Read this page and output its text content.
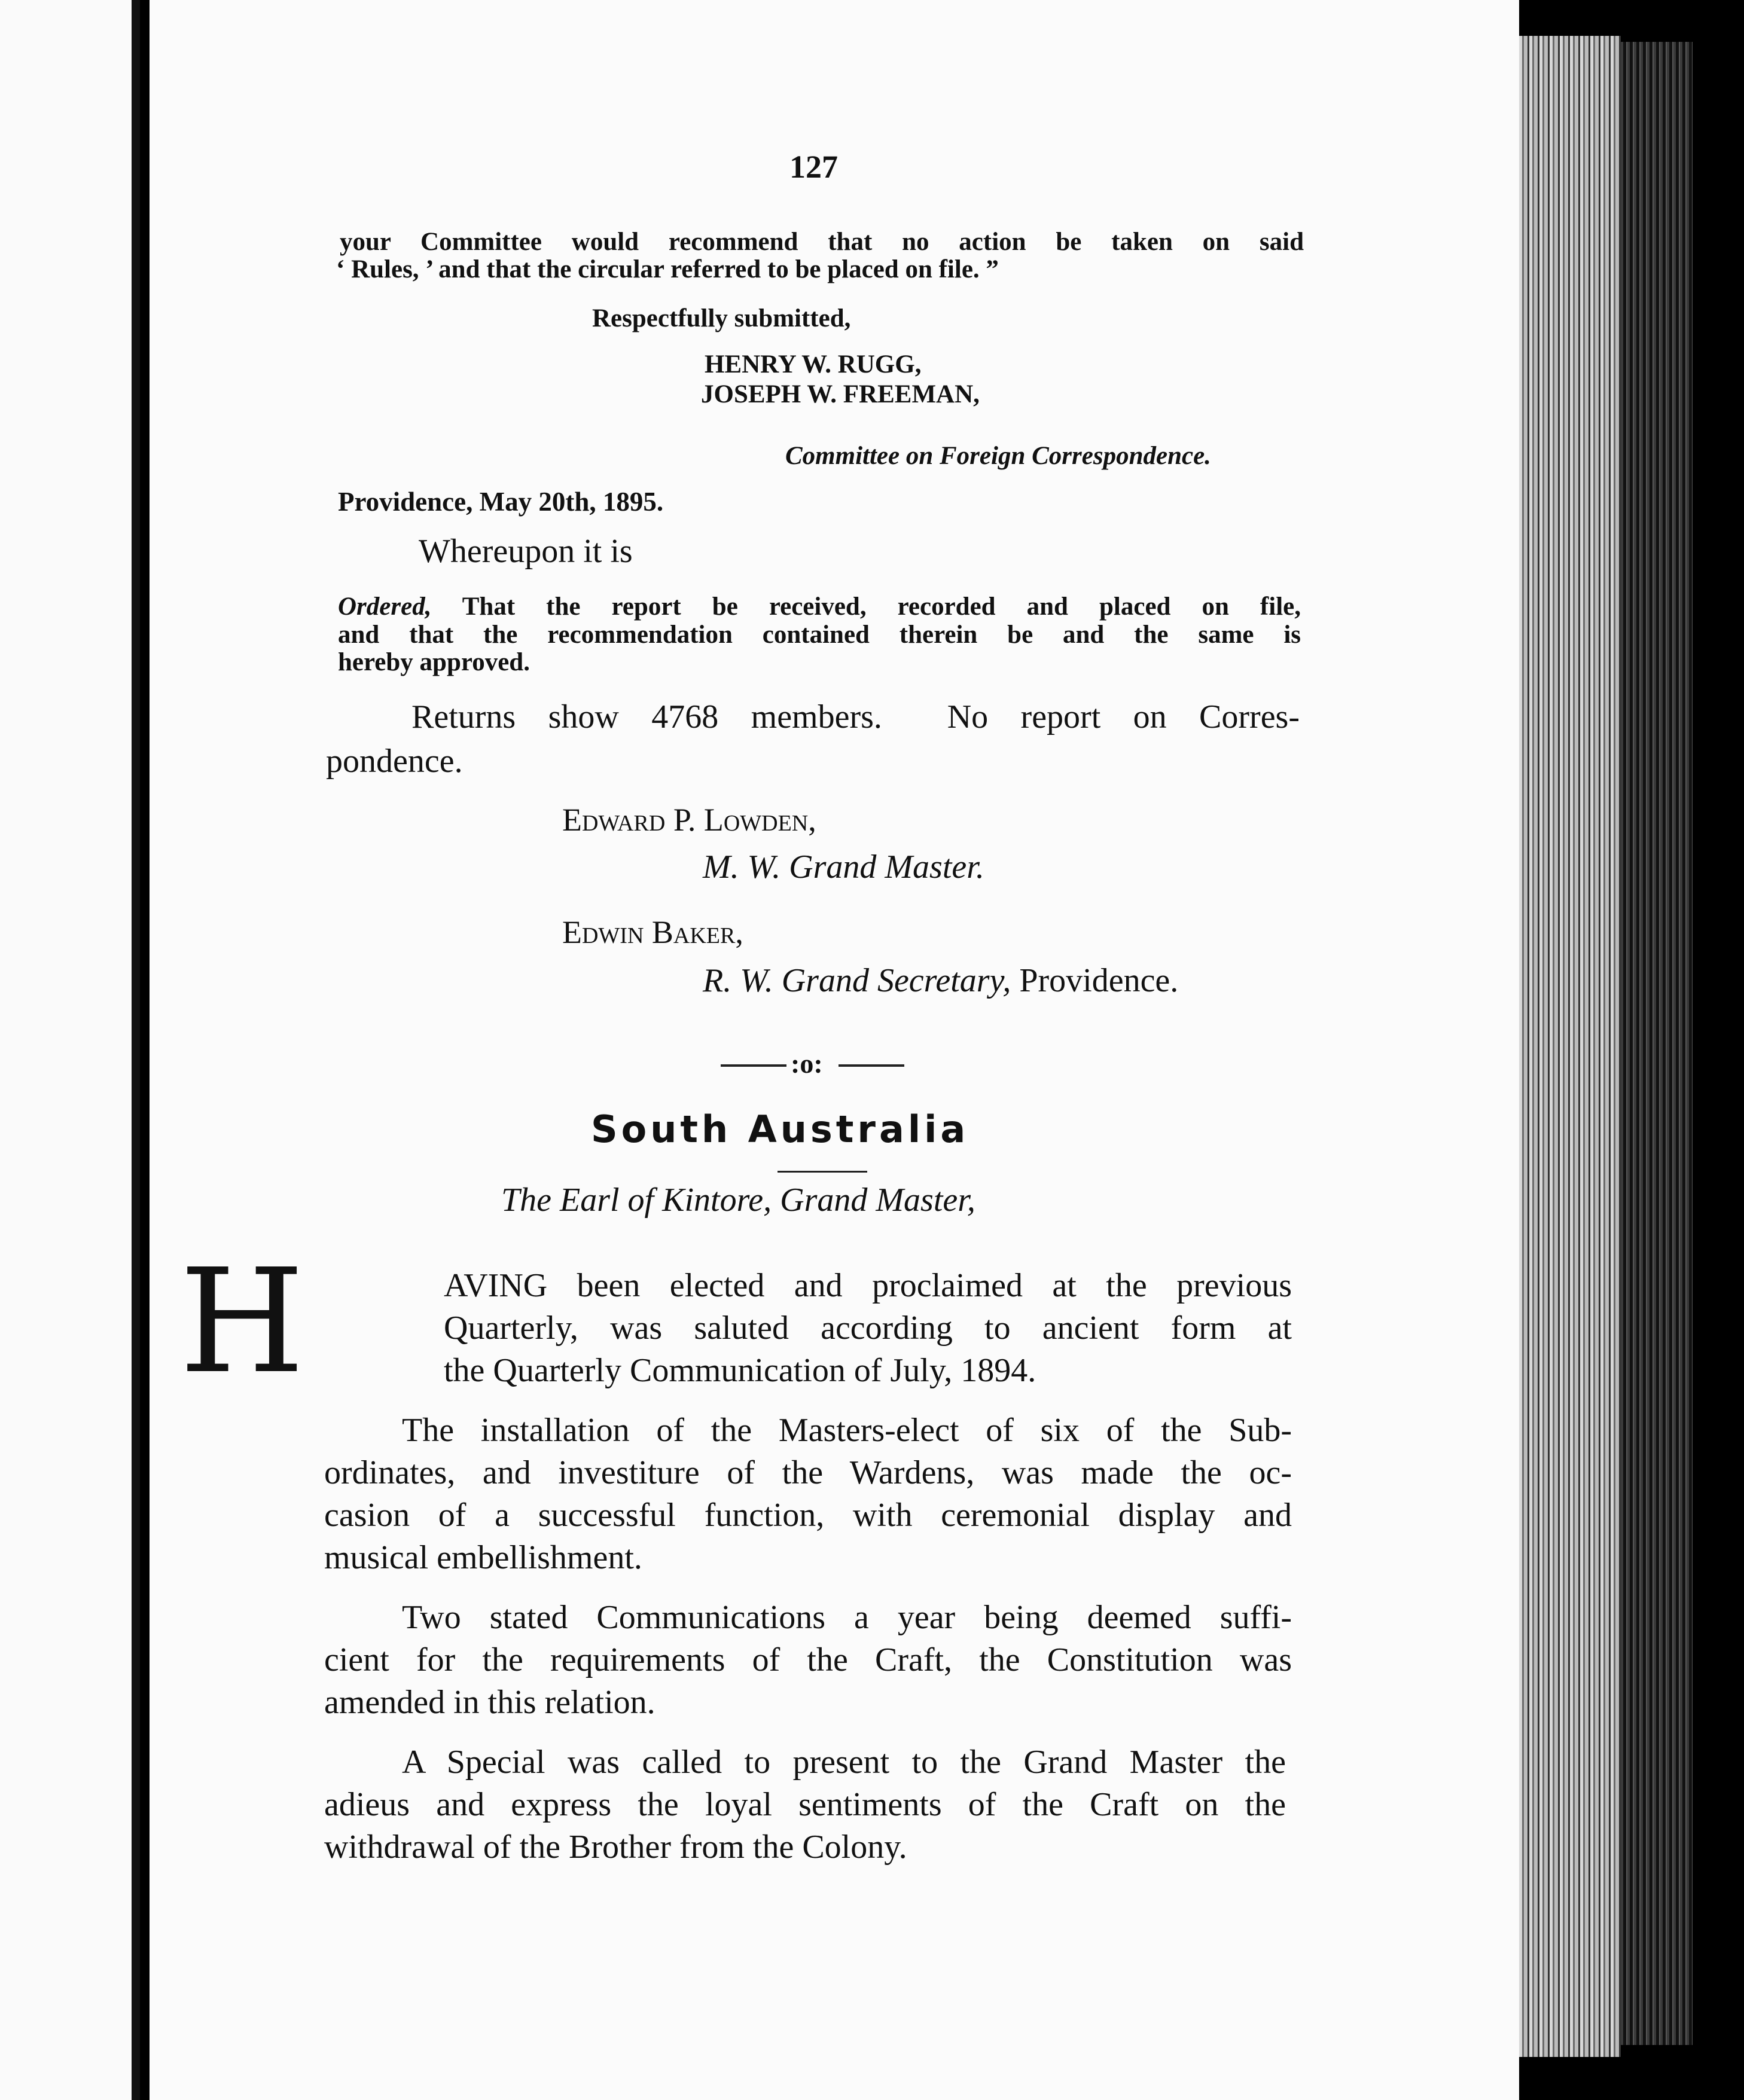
127

your Committee would recommend that no action be taken on said

‘ Rules, ’ and that the circular referred to be placed on file. ”

Respectfully submitted,

HENRY W. RUGG,

JOSEPH W. FREEMAN,

Committee on Foreign Correspondence.

Providence, May 20th, 1895.

Whereupon it is

Ordered, That the report be received, recorded and placed on file,

and that the recommendation contained therein be and the same is

hereby approved.

Returns show 4768 members.  No report on Corres-

pondence.

Edward P. Lowden,

M. W. Grand Master.

Edwin Baker,

R. W. Grand Secretary, Providence.

:o:

South Australia

The Earl of Kintore, Grand Master,

H	AVING been elected and proclaimed at the previous

Quarterly, was saluted according to ancient form at

the Quarterly Communication of July, 1894.

The installation of the Masters-elect of six of the Sub-

ordinates, and investiture of the Wardens, was made the oc-

casion of a successful function, with ceremonial display and

musical embellishment.

Two stated Communications a year being deemed suffi-

cient for the requirements of the Craft, the Constitution was

amended in this relation.

A Special was called to present to the Grand Master the

adieus and express the loyal sentiments of the Craft on the

withdrawal of the Brother from the Colony.
